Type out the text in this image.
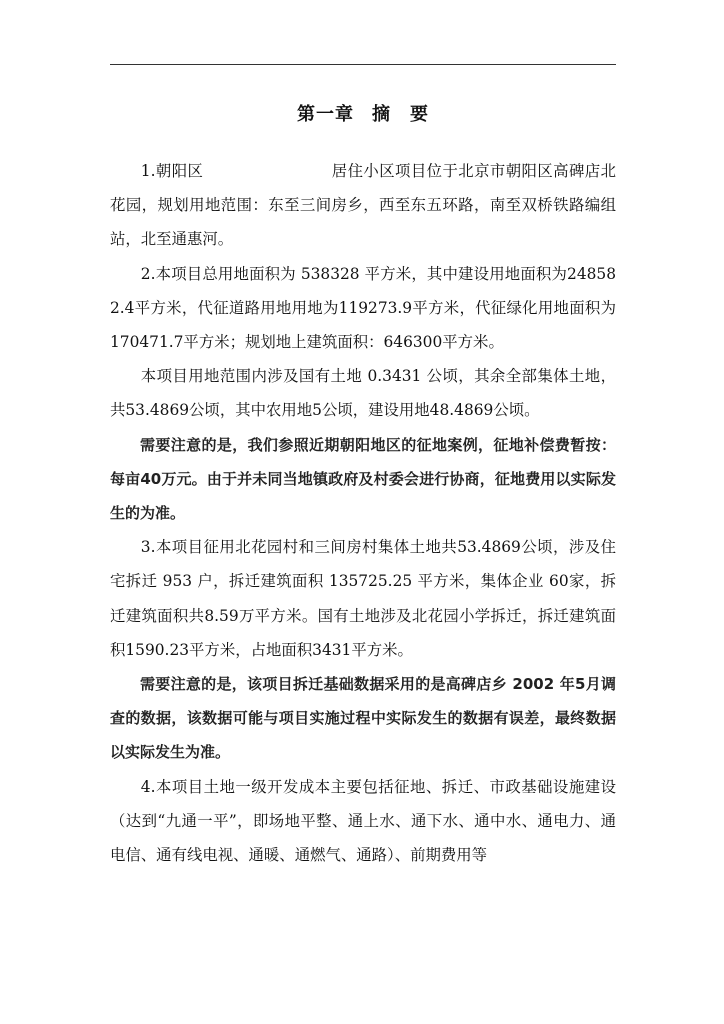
第一章 摘　要

1.朝阳区	居住小区项目位于北京市朝阳区高碑店北花园，规划用地范围：东至三间房乡，西至东五环路，南至双桥铁路编组站，北至通惠河。

2.本项目总用地面积为 538328 平方米，其中建设用地面积为248582.4平方米，代征道路用地用地为119273.9平方米，代征绿化用地面积为170471.7平方米；规划地上建筑面积：646300平方米。

本项目用地范围内涉及国有土地 0.3431 公顷，其余全部集体土地，共53.4869公顷，其中农用地5公顷，建设用地48.4869公顷。

需要注意的是，我们参照近期朝阳地区的征地案例，征地补偿费暂按：每亩40万元。由于并未同当地镇政府及村委会进行协商，征地费用以实际发生的为准。

3.本项目征用北花园村和三间房村集体土地共53.4869公顷，涉及住宅拆迁 953 户，拆迁建筑面积 135725.25 平方米，集体企业 60家，拆迁建筑面积共8.59万平方米。国有土地涉及北花园小学拆迁，拆迁建筑面积1590.23平方米，占地面积3431平方米。

需要注意的是，该项目拆迁基础数据采用的是高碑店乡 2002 年5月调查的数据，该数据可能与项目实施过程中实际发生的数据有误差，最终数据以实际发生为准。

4.本项目土地一级开发成本主要包括征地、拆迁、市政基础设施建设（达到“九通一平”，即场地平整、通上水、通下水、通中水、通电力、通电信、通有线电视、通暖、通燃气、通路）、前期费用等
